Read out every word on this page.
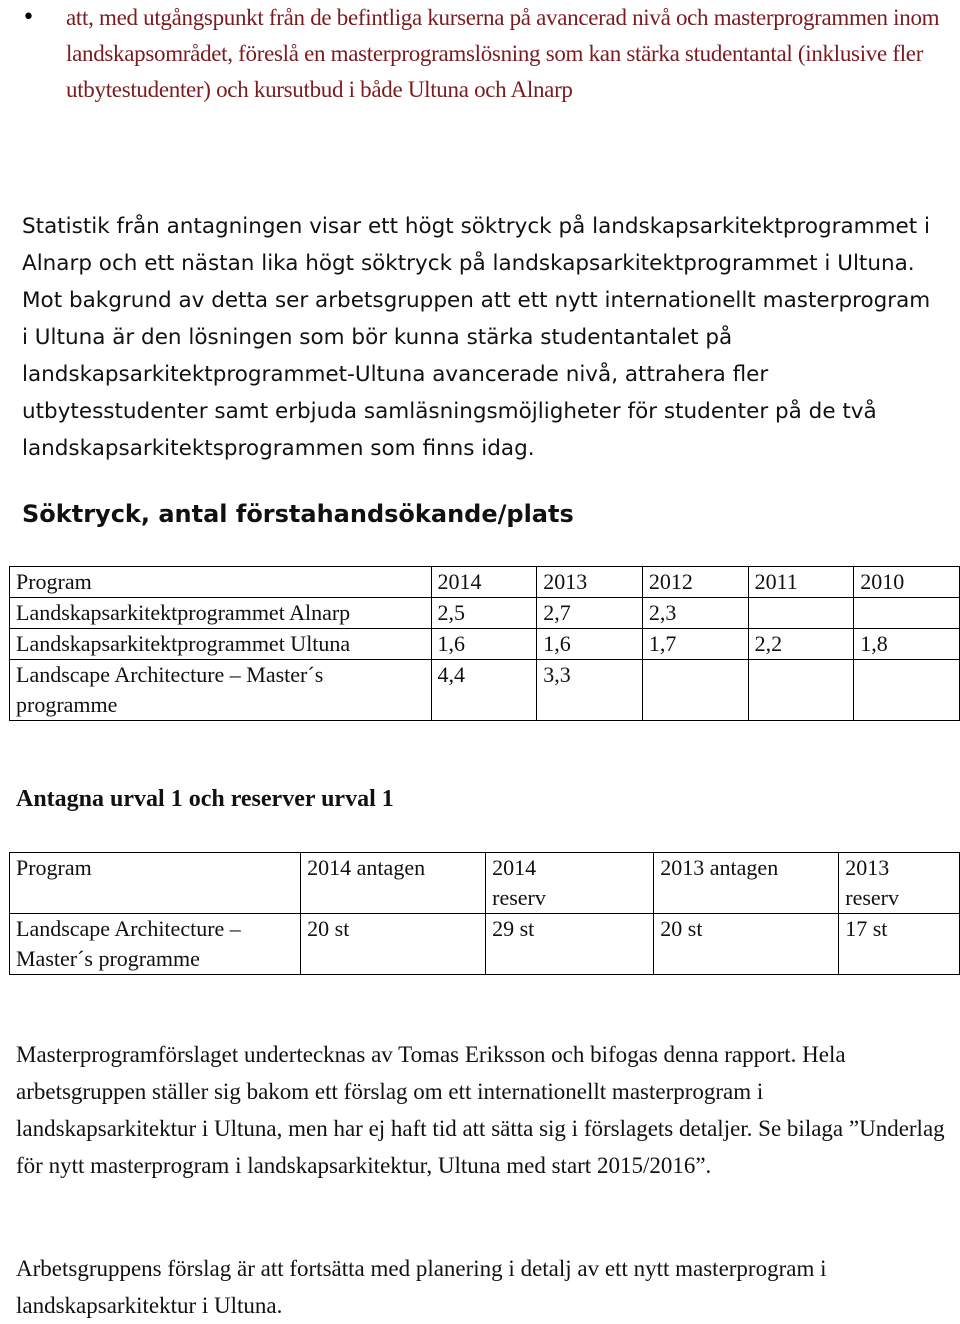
• att, med utgångspunkt från de befintliga kurserna på avancerad nivå och masterprogrammen inom landskapsområdet, föreslå en masterprogramslösning som kan stärka studentantal (inklusive fler utbytestudenter) och kursutbud i både Ultuna och Alnarp
Statistik från antagningen visar ett högt söktryck på landskapsarkitektprogrammet i Alnarp och ett nästan lika högt söktryck på landskapsarkitektprogrammet i Ultuna. Mot bakgrund av detta ser arbetsgruppen att ett nytt internationellt masterprogram i Ultuna är den lösningen som bör kunna stärka studentantalet på landskapsarkitektprogrammet-Ultuna avancerade nivå, attrahera fler utbytesstudenter samt erbjuda samläsningsmöjligheter för studenter på de två landskapsarkitektsprogrammen som finns idag.
Söktryck, antal förstahandsökande/plats
Program	2014	2013	2012	2011	2010
Landskapsarkitektprogrammet Alnarp	2,5	2,7	2,3		
Landskapsarkitektprogrammet Ultuna	1,6	1,6	1,7	2,2	1,8
Landscape Architecture – Master´s programme	4,4	3,3			
Antagna urval 1 och reserver urval 1
Program	2014 antagen	2014 reserv	2013 antagen	2013 reserv
Landscape Architecture – Master´s programme	20 st	29 st	20 st	17 st
Masterprogramförslaget undertecknas av Tomas Eriksson och bifogas denna rapport. Hela arbetsgruppen ställer sig bakom ett förslag om ett internationellt masterprogram i landskapsarkitektur i Ultuna, men har ej haft tid att sätta sig i förslagets detaljer. Se bilaga ”Underlag för nytt masterprogram i landskapsarkitektur, Ultuna med start 2015/2016”.
Arbetsgruppens förslag är att fortsätta med planering i detalj av ett nytt masterprogram i landskapsarkitektur i Ultuna.
